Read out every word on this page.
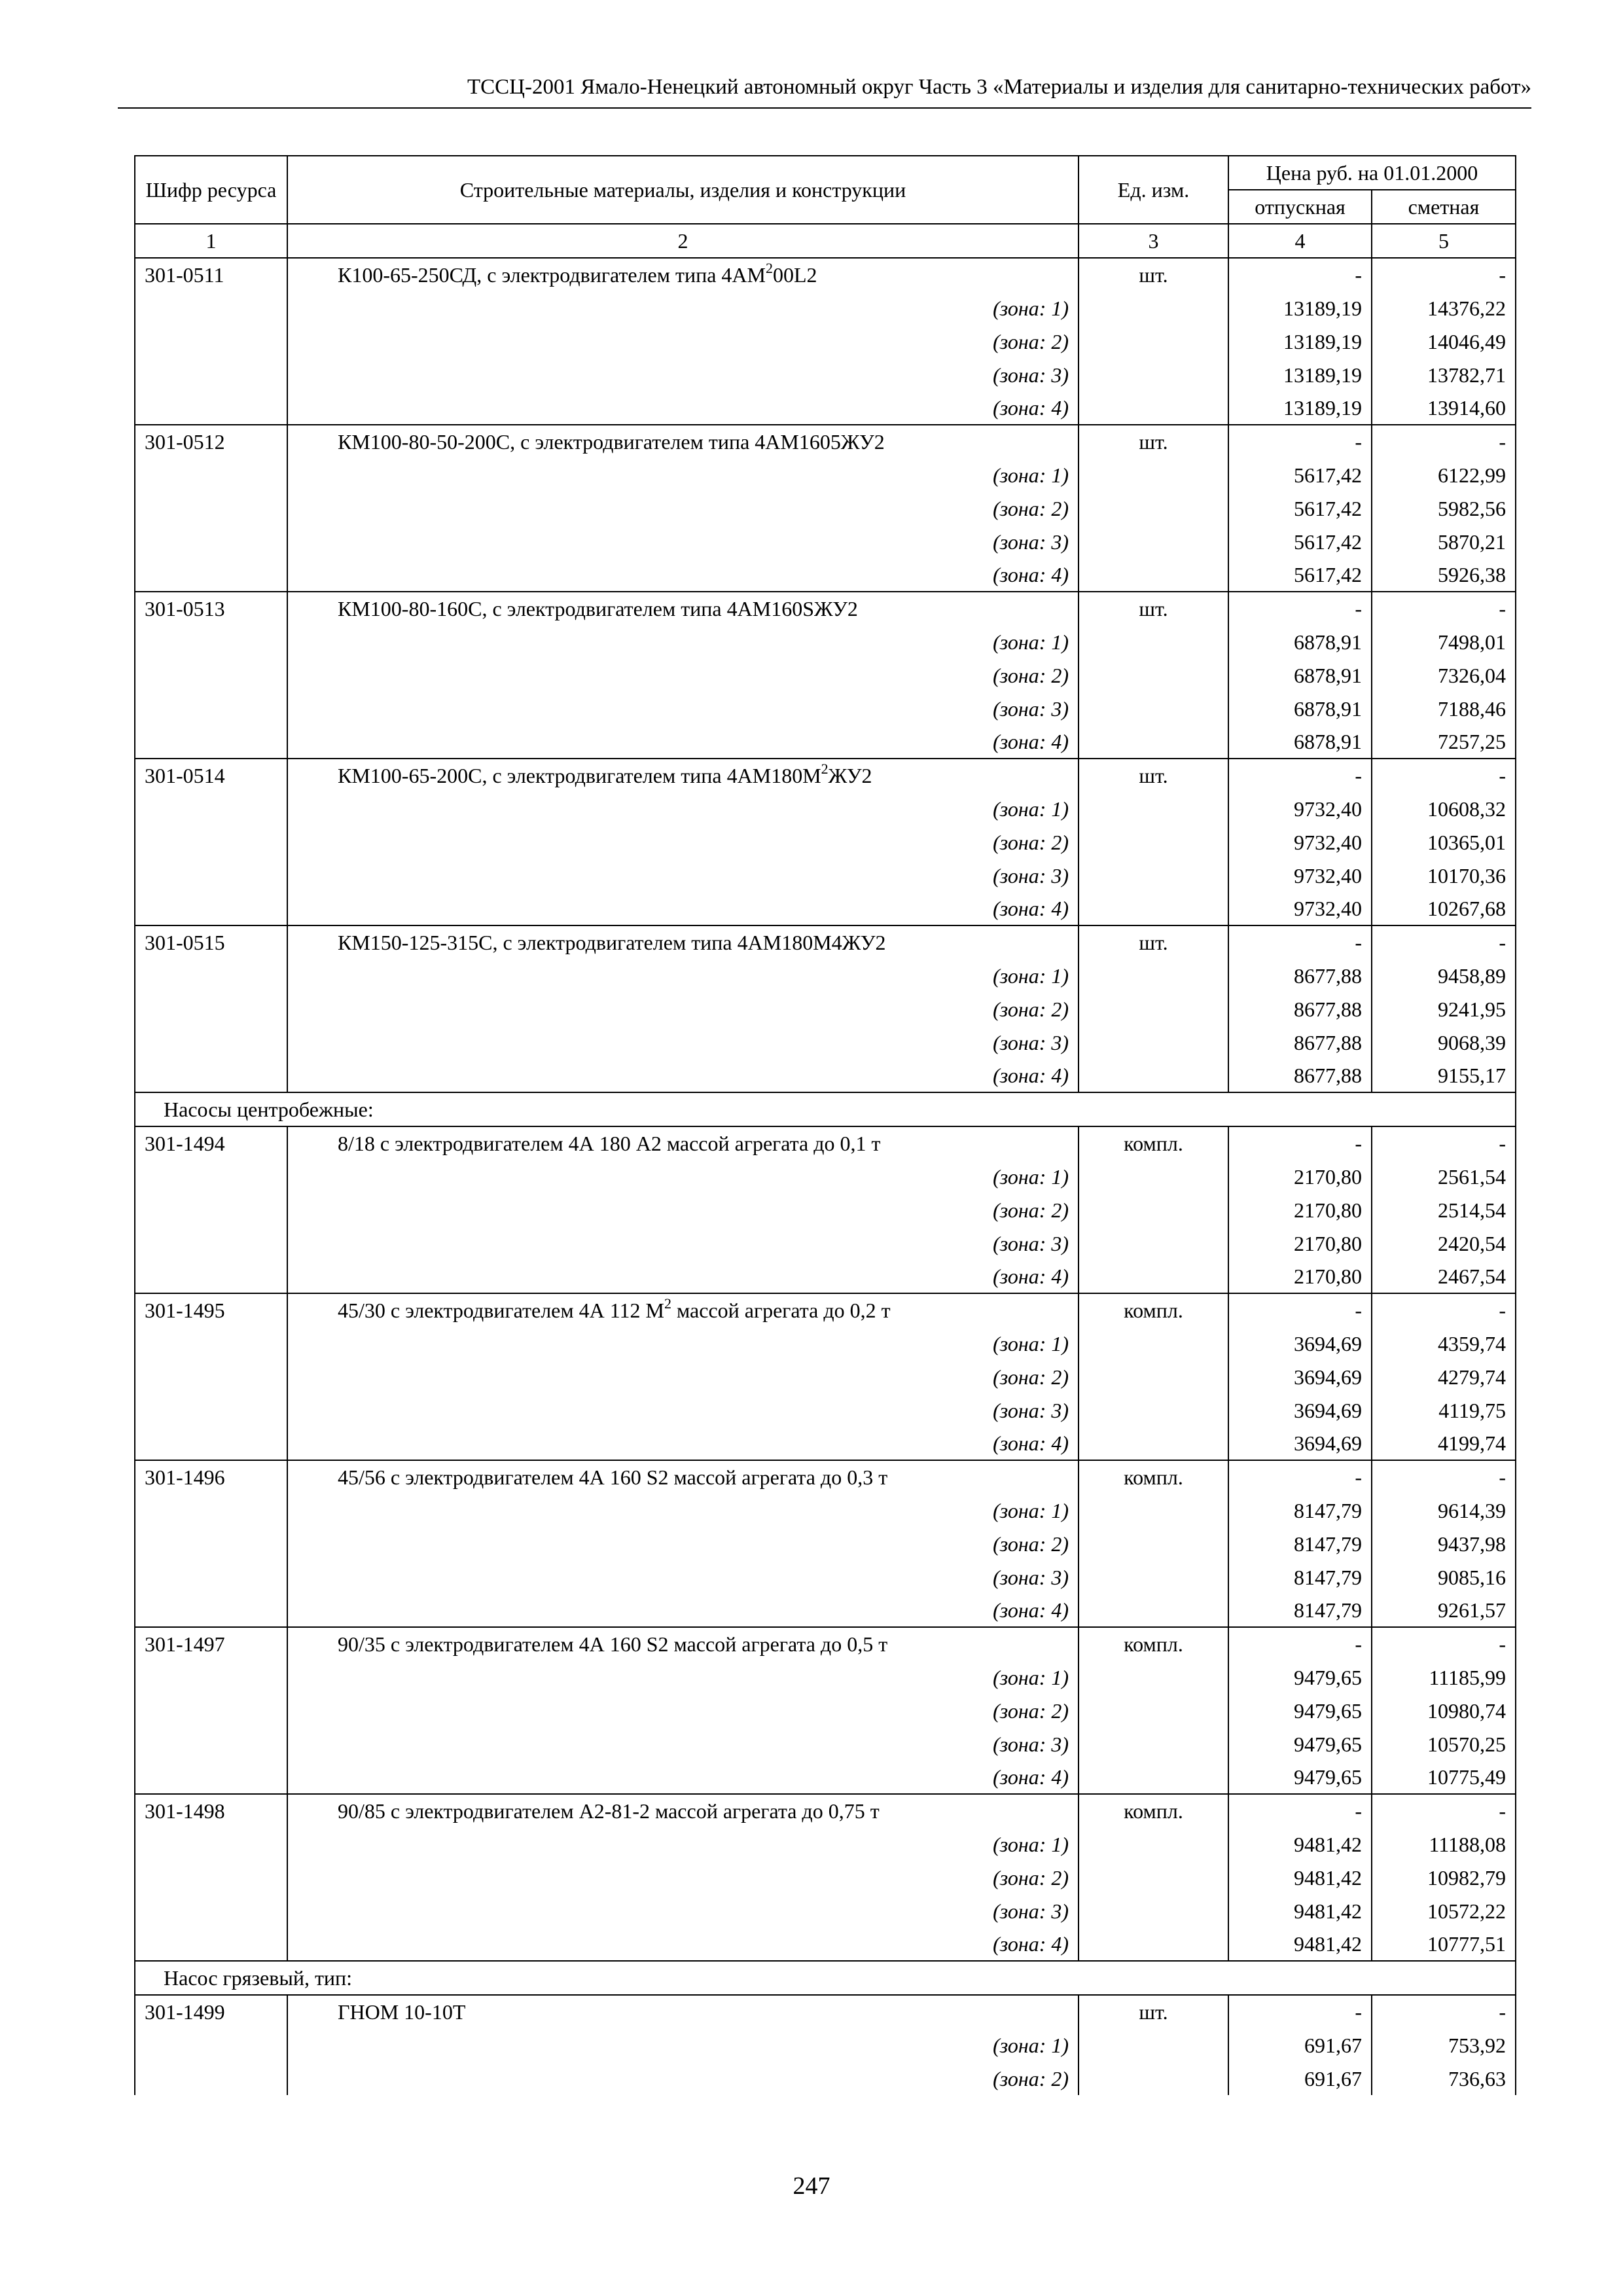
ТССЦ-2001 Ямало-Ненецкий автономный округ Часть 3 «Материалы и изделия для санитарно-технических работ»
Шифр ресурса	Строительные материалы, изделия и конструкции	Ед. изм.	Цена руб. на 01.01.2000	
			отпускная	сметная
1	2	3	4	5
301-0511	К100-65-250СД, с электродвигателем типа $4АМ^200L2$	шт.	-	-
	(зона: 1)		13189,19	14376,22
	(зона: 2)		13189,19	14046,49
	(зона: 3)		13189,19	13782,71
	(зона: 4)		13189,19	13914,60
301-0512	КМ100-80-50-200С, с электродвигателем типа 4АМ1605ЖУ2	шт.	-	-
	(зона: 1)		5617,42	6122,99
	(зона: 2)		5617,42	5982,56
	(зона: 3)		5617,42	5870,21
	(зона: 4)		5617,42	5926,38
301-0513	КМ100-80-160С, с электродвигателем типа 4АМ160SЖУ2	шт.	-	-
	(зона: 1)		6878,91	7498,01
	(зона: 2)		6878,91	7326,04
	(зона: 3)		6878,91	7188,46
	(зона: 4)		6878,91	7257,25
301-0514	КМ100-65-200С, с электродвигателем типа $4АМ180М^2ЖУ2$	шт.	-	-
	(зона: 1)		9732,40	10608,32
	(зона: 2)		9732,40	10365,01
	(зона: 3)		9732,40	10170,36
	(зона: 4)		9732,40	10267,68
301-0515	КМ150-125-315С, с электродвигателем типа 4АМ180М4ЖУ2	шт.	-	-
	(зона: 1)		8677,88	9458,89
	(зона: 2)		8677,88	9241,95
	(зона: 3)		8677,88	9068,39
	(зона: 4)		8677,88	9155,17
Насосы центробежные:				
301-1494	8/18 с электродвигателем 4А 180 А2 массой агрегата до 0,1 т	компл.	-	-
	(зона: 1)		2170,80	2561,54
	(зона: 2)		2170,80	2514,54
	(зона: 3)		2170,80	2420,54
	(зона: 4)		2170,80	2467,54
301-1495	45/30 с электродвигателем 4А 112 $М^2$ массой агрегата до 0,2 т	компл.	-	-
	(зона: 1)		3694,69	4359,74
	(зона: 2)		3694,69	4279,74
	(зона: 3)		3694,69	4119,75
	(зона: 4)		3694,69	4199,74
301-1496	45/56 с электродвигателем 4А 160 S2 массой агрегата до 0,3 т	компл.	-	-
	(зона: 1)		8147,79	9614,39
	(зона: 2)		8147,79	9437,98
	(зона: 3)		8147,79	9085,16
	(зона: 4)		8147,79	9261,57
301-1497	90/35 с электродвигателем 4А 160 S2 массой агрегата до 0,5 т	компл.	-	-
	(зона: 1)		9479,65	11185,99
	(зона: 2)		9479,65	10980,74
	(зона: 3)		9479,65	10570,25
	(зона: 4)		9479,65	10775,49
301-1498	90/85 с электродвигателем А2-81-2 массой агрегата до 0,75 т	компл.	-	-
	(зона: 1)		9481,42	11188,08
	(зона: 2)		9481,42	10982,79
	(зона: 3)		9481,42	10572,22
	(зона: 4)		9481,42	10777,51
Насос грязевый, тип:				
301-1499	ГНОМ 10-10Т	шт.	-	-
	(зона: 1)		691,67	753,92
	(зона: 2)		691,67	736,63
247
